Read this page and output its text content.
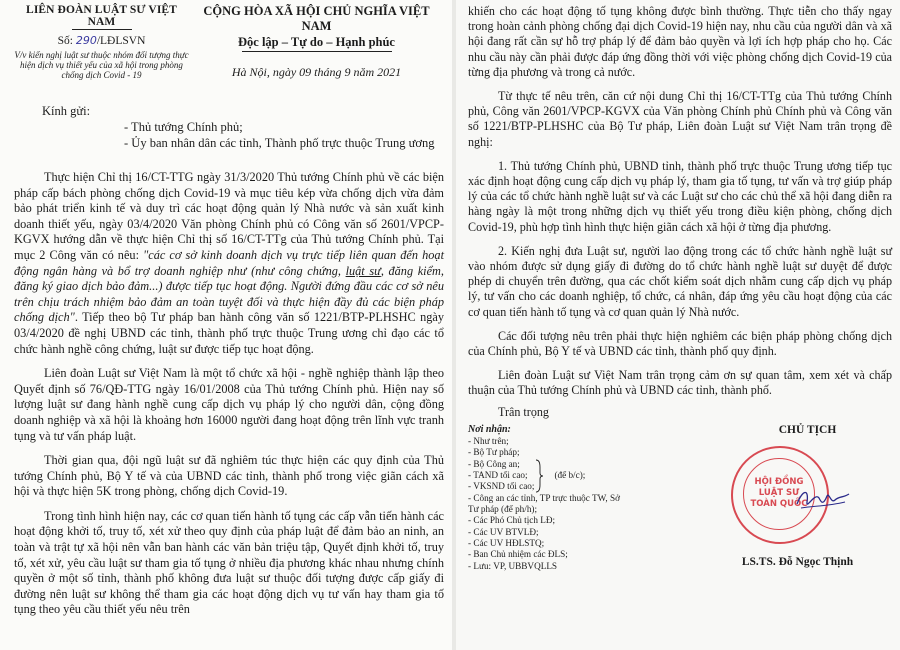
LIÊN ĐOÀN LUẬT SƯ VIỆT NAM
Số: 290/LĐLSVN
V/v kiến nghị luật sư thuộc nhóm đối tượng thực hiện dịch vụ thiết yếu của xã hội trong phòng chống dịch Covid - 19
CỘNG HÒA XÃ HỘI CHỦ NGHĨA VIỆT NAM
Độc lập – Tự do – Hạnh phúc
Hà Nội, ngày 09 tháng 9 năm 2021
Kính gửi:
- Thủ tướng Chính phủ;
- Ủy ban nhân dân các tỉnh, Thành phố trực thuộc Trung ương

Thực hiện Chỉ thị 16/CT-TTG ngày 31/3/2020 Thủ tướng Chính phủ về các biện pháp cấp bách phòng chống dịch Covid-19 và mục tiêu kép vừa chống dịch vừa đảm bảo phát triển kinh tế và duy trì các hoạt động quản lý Nhà nước và sản xuất kinh doanh thiết yếu, ngày 03/4/2020 Văn phòng Chính phủ có Công văn số 2601/VPCP-KGVX hướng dẫn về thực hiện Chỉ thị số 16/CT-TTg của Thủ tướng Chính phủ. Tại mục 2 Công văn có nêu: "các cơ sở kinh doanh dịch vụ trực tiếp liên quan đến hoạt động ngân hàng và bổ trợ doanh nghiệp như (như công chứng, luật sư, đăng kiểm, đăng ký giao dịch bảo đảm...) được tiếp tục hoạt động. Người đứng đầu các cơ sở nêu trên chịu trách nhiệm bảo đảm an toàn tuyệt đối và thực hiện đầy đủ các biện pháp chống dịch". Tiếp theo bộ Tư pháp ban hành công văn số 1221/BTP-PLHSHC ngày 03/4/2020 đề nghị UBND các tỉnh, thành phố trực thuộc Trung ương chỉ đạo các tổ chức hành nghề công chứng, luật sư được tiếp tục hoạt động.

Liên đoàn Luật sư Việt Nam là một tổ chức xã hội - nghề nghiệp thành lập theo Quyết định số 76/QĐ-TTG ngày 16/01/2008 của Thủ tướng Chính phủ. Hiện nay số lượng luật sư đang hành nghề cung cấp dịch vụ pháp lý cho người dân, cộng đồng doanh nghiệp và xã hội là khoảng hơn 16000 người đang hoạt động trên lĩnh vực tranh tụng và tư vấn pháp luật.

Thời gian qua, đội ngũ luật sư đã nghiêm túc thực hiện các quy định của Thủ tướng Chính phủ, Bộ Y tế và của UBND các tỉnh, thành phố trong việc giãn cách xã hội và thực hiện 5K trong phòng, chống dịch Covid-19.

Trong tình hình hiện nay, các cơ quan tiến hành tố tụng các cấp vẫn tiến hành các hoạt động khởi tố, truy tố, xét xử theo quy định của pháp luật để đảm bảo an ninh, an toàn và trật tự xã hội nên vẫn ban hành các văn bản triệu tập, Quyết định khởi tố, truy tố, xét xử, yêu cầu luật sư tham gia tố tụng ở nhiều địa phương khác nhau nhưng chính quyền ở một số tỉnh, thành phố không đưa luật sư thuộc đối tượng được cấp giấy đi đường nên luật sư không thể tham gia các hoạt động dịch vụ tư vấn hay tham gia tố tụng theo yêu cầu thiết yếu nêu trên

khiến cho các hoạt động tố tụng không được bình thường. Thực tiễn cho thấy ngay trong hoàn cảnh phòng chống đại dịch Covid-19 hiện nay, nhu cầu của người dân và xã hội đang rất cần sự hỗ trợ pháp lý để đảm bảo quyền và lợi ích hợp pháp cho họ. Các nhu cầu này cần phải được đáp ứng đồng thời với việc phòng chống dịch Covid-19 của từng địa phương và trong cả nước.

Từ thực tế nêu trên, căn cứ nội dung Chỉ thị 16/CT-TTg của Thủ tướng Chính phủ, Công văn 2601/VPCP-KGVX của Văn phòng Chính phủ Chính phủ và Công văn số 1221/BTP-PLHSHC của Bộ Tư pháp, Liên đoàn Luật sư Việt Nam trân trọng đề nghị:

1. Thủ tướng Chính phủ, UBND tỉnh, thành phố trực thuộc Trung ương tiếp tục xác định hoạt động cung cấp dịch vụ pháp lý, tham gia tố tụng, tư vấn và trợ giúp pháp lý của các tổ chức hành nghề luật sư và các Luật sư cho các chủ thể xã hội đang diễn ra hàng ngày là một trong những dịch vụ thiết yếu trong điều kiện phòng, chống dịch Covid-19, phù hợp tình hình thực hiện giãn cách xã hội ở từng địa phương.

2. Kiến nghị đưa Luật sư, người lao động trong các tổ chức hành nghề luật sư vào nhóm được sử dụng giấy đi đường do tổ chức hành nghề luật sư duyệt để được phép di chuyển trên đường, qua các chốt kiểm soát dịch nhằm cung cấp dịch vụ pháp lý, tư vấn cho các doanh nghiệp, tổ chức, cá nhân, đáp ứng yêu cầu hoạt động của các cơ quan tiến hành tố tụng và cơ quan quản lý Nhà nước.

Các đối tượng nêu trên phải thực hiện nghiêm các biện pháp phòng chống dịch của Chính phủ, Bộ Y tế và UBND các tỉnh, thành phố quy định.

Liên đoàn Luật sư Việt Nam trân trọng cảm ơn sự quan tâm, xem xét và chấp thuận của Thủ tướng Chính phủ và UBND các tỉnh, thành phố.

Trân trọng

Nơi nhận:
- Như trên;
- Bộ Tư pháp;
- Bộ Công an;
- TAND tối cao;
- VKSND tối cao;
(để b/c);
- Công an các tỉnh, TP trực thuộc TW, Sở
Tư pháp (để ph/h);
- Các Phó Chủ tịch LĐ;
- Các UV BTVLĐ;
- Các UV HĐLSTQ;
- Ban Chủ nhiệm các ĐLS;
- Lưu: VP, UBBVQLLS
CHỦ TỊCH
HỘI ĐỒNG
LUẬT SƯ
TOÀN QUỐC
LS.TS. Đỗ Ngọc Thịnh
